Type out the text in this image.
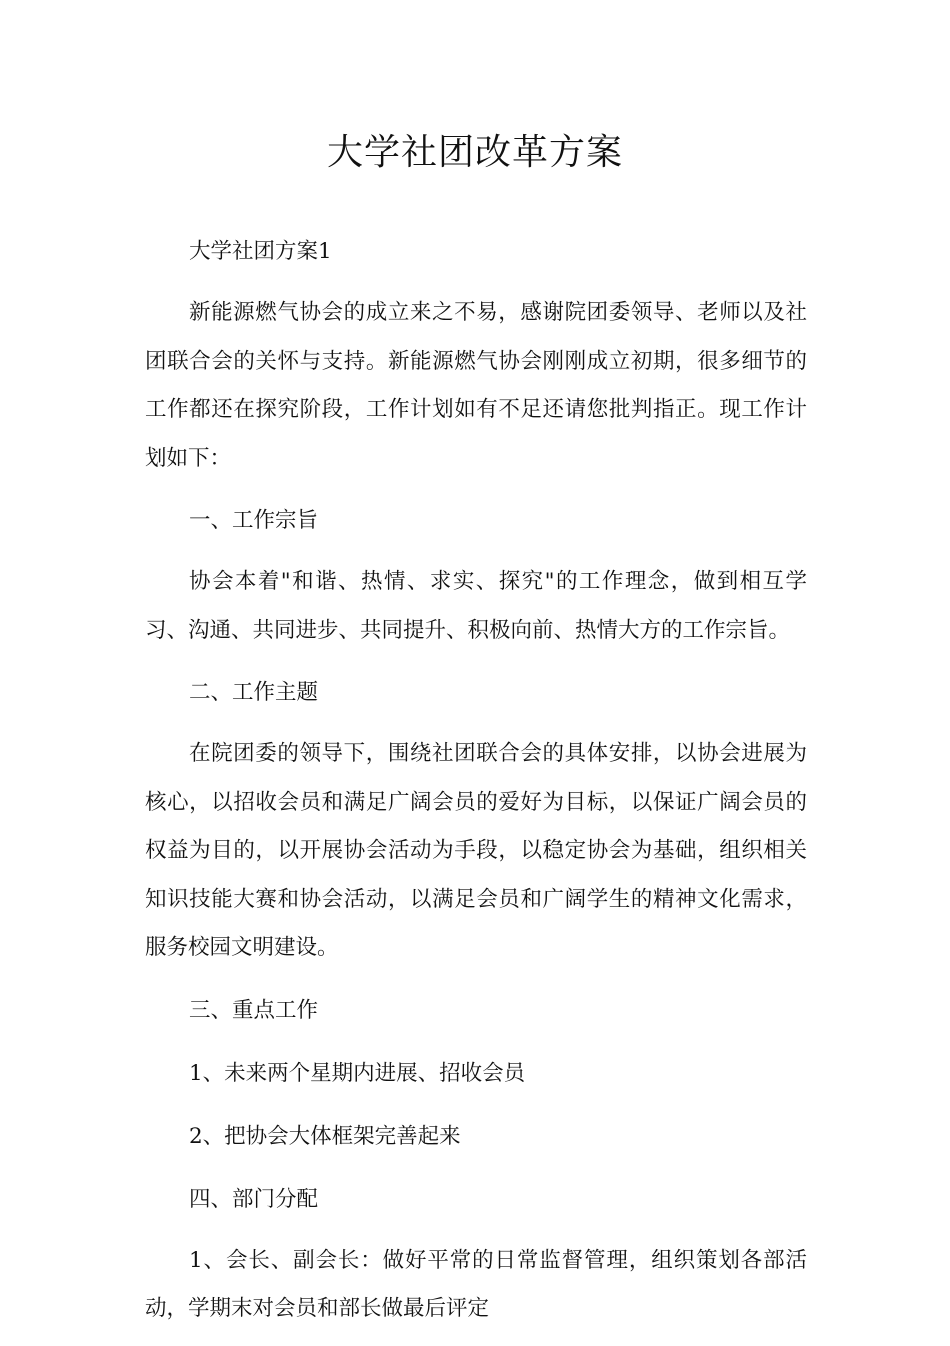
大学社团改革方案

大学社团方案1

新能源燃气协会的成立来之不易，感谢院团委领导、老师以及社团联合会的关怀与支持。新能源燃气协会刚刚成立初期，很多细节的工作都还在探究阶段，工作计划如有不足还请您批判指正。现工作计划如下：

一、工作宗旨

协会本着"和谐、热情、求实、探究"的工作理念，做到相互学习、沟通、共同进步、共同提升、积极向前、热情大方的工作宗旨。

二、工作主题

在院团委的领导下，围绕社团联合会的具体安排，以协会进展为核心，以招收会员和满足广阔会员的爱好为目标，以保证广阔会员的权益为目的，以开展协会活动为手段，以稳定协会为基础，组织相关知识技能大赛和协会活动，以满足会员和广阔学生的精神文化需求，服务校园文明建设。

三、重点工作

1、未来两个星期内进展、招收会员

2、把协会大体框架完善起来

四、部门分配

1、会长、副会长：做好平常的日常监督管理，组织策划各部活动，学期末对会员和部长做最后评定
